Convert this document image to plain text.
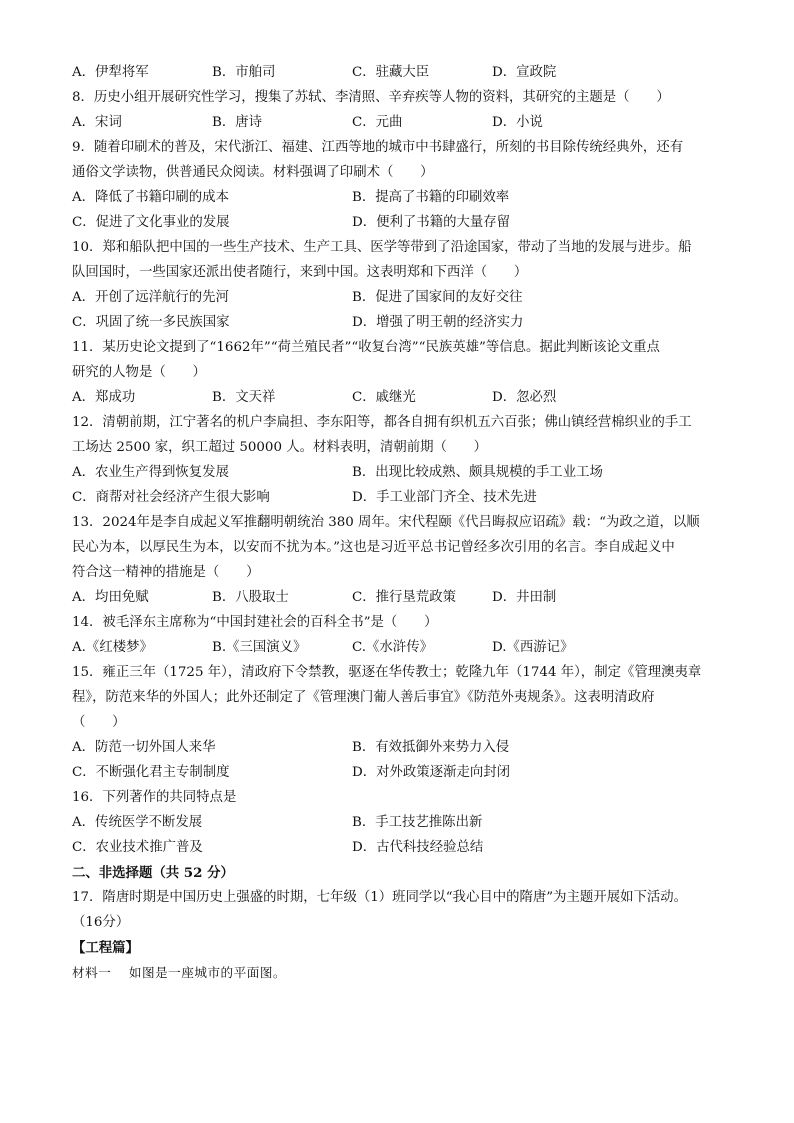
A．伊犁将军	B．市舶司	C．驻藏大臣	D．宣政院
8．历史小组开展研究性学习，搜集了苏轼、李清照、辛弃疾等人物的资料，其研究的主题是（　　）
A．宋词	B．唐诗	C．元曲	D．小说
9．随着印刷术的普及，宋代浙江、福建、江西等地的城市中书肆盛行，所刻的书目除传统经典外，还有
通俗文学读物，供普通民众阅读。材料强调了印刷术（　　）
A．降低了书籍印刷的成本	B．提高了书籍的印刷效率
C．促进了文化事业的发展	D．便利了书籍的大量存留
10．郑和船队把中国的一些生产技术、生产工具、医学等带到了沿途国家，带动了当地的发展与进步。船
队回国时，一些国家还派出使者随行，来到中国。这表明郑和下西洋（　　）
A．开创了远洋航行的先河	B．促进了国家间的友好交往
C．巩固了统一多民族国家	D．增强了明王朝的经济实力
11．某历史论文提到了“1662年”“荷兰殖民者”“收复台湾”“民族英雄”等信息。据此判断该论文重点
研究的人物是（　　）
A．郑成功	B．文天祥	C．戚继光	D．忽必烈
12．清朝前期，江宁著名的机户李扁担、李东阳等，都各自拥有织机五六百张；佛山镇经营棉织业的手工
工场达 2500 家，织工超过 50000 人。材料表明，清朝前期（　　）
A．农业生产得到恢复发展	B．出现比较成熟、颇具规模的手工业工场
C．商帮对社会经济产生很大影响	D．手工业部门齐全、技术先进
13．2024年是李自成起义军推翻明朝统治 380 周年。宋代程颐《代吕晦叔应诏疏》载：“为政之道，以顺
民心为本，以厚民生为本，以安而不扰为本。”这也是习近平总书记曾经多次引用的名言。李自成起义中
符合这一精神的措施是（　　）
A．均田免赋	B．八股取士	C．推行垦荒政策	D．井田制
14．被毛泽东主席称为“中国封建社会的百科全书”是（　　）
A.《红楼梦》	B.《三国演义》	C.《水浒传》	D.《西游记》
15．雍正三年（1725 年），清政府下令禁教，驱逐在华传教士；乾隆九年（1744 年），制定《管理澳夷章
程》，防范来华的外国人；此外还制定了《管理澳门葡人善后事宜》《防范外夷规条》。这表明清政府
（　　）
A．防范一切外国人来华	B．有效抵御外来势力入侵
C．不断强化君主专制制度	D．对外政策逐渐走向封闭
16．下列著作的共同特点是
A．传统医学不断发展	B．手工技艺推陈出新
C．农业技术推广普及	D．古代科技经验总结
二、非选择题（共 52 分）
17．隋唐时期是中国历史上强盛的时期，七年级（1）班同学以“我心目中的隋唐”为主题开展如下活动。
（16分）
【工程篇】
材料一　 如图是一座城市的平面图。
